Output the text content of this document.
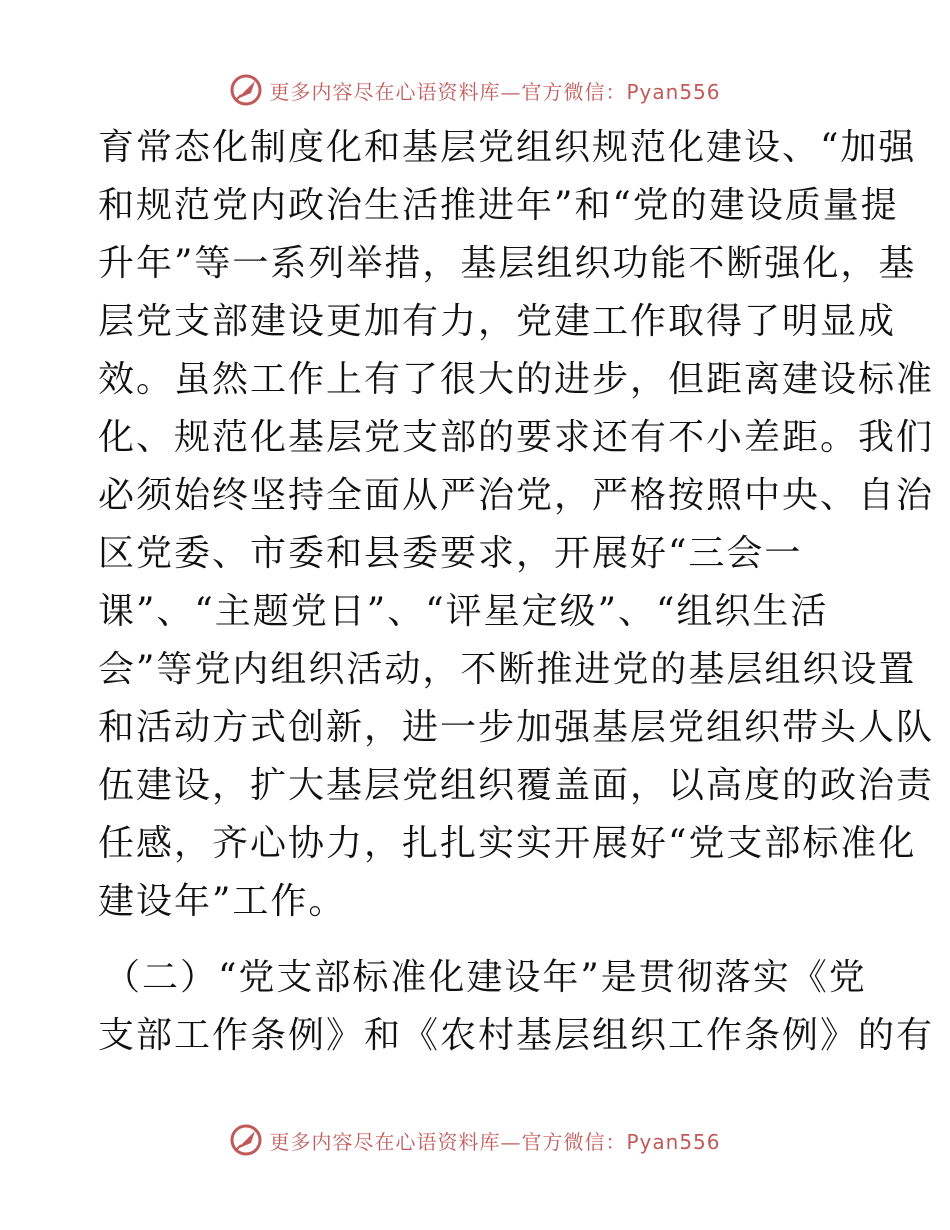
更多内容尽在心语资料库—官方微信：Pyan556
育常态化制度化和基层党组织规范化建设、“加强
和规范党内政治生活推进年”和“党的建设质量提
升年”等一系列举措，基层组织功能不断强化，基
层党支部建设更加有力，党建工作取得了明显成
效。虽然工作上有了很大的进步，但距离建设标准
化、规范化基层党支部的要求还有不小差距。我们
必须始终坚持全面从严治党，严格按照中央、自治
区党委、市委和县委要求，开展好“三会一
课”、“主题党日”、“评星定级”、“组织生活
会”等党内组织活动，不断推进党的基层组织设置
和活动方式创新，进一步加强基层党组织带头人队
伍建设，扩大基层党组织覆盖面，以高度的政治责
任感，齐心协力，扎扎实实开展好“党支部标准化
建设年”工作。
（二）“党支部标准化建设年”是贯彻落实《党
支部工作条例》和《农村基层组织工作条例》的有
更多内容尽在心语资料库—官方微信：Pyan556
